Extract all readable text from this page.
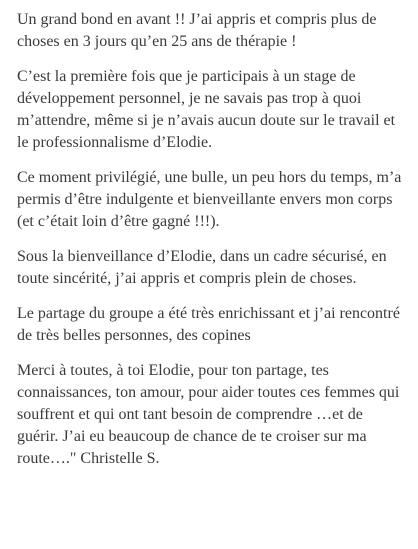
Un grand bond en avant !! J’ai appris et compris plus de choses en 3 jours qu’en 25 ans de thérapie !

C’est la première fois que je participais à un stage de développement personnel, je ne savais pas trop à quoi m’attendre, même si je n’avais aucun doute sur le travail et le professionnalisme d’Elodie.

Ce moment privilégié, une bulle, un peu hors du temps, m’a permis d’être indulgente et bienveillante envers mon corps (et c’était loin d’être gagné !!!).

Sous la bienveillance d’Elodie, dans un cadre sécurisé, en toute sincérité, j’ai appris et compris plein de choses.

Le partage du groupe a été très enrichissant et j’ai rencontré de très belles personnes, des copines

Merci à toutes, à toi Elodie, pour ton partage, tes connaissances, ton amour, pour aider toutes ces femmes qui souffrent et qui ont tant besoin de comprendre …et de guérir. J’ai eu beaucoup de chance de te croiser sur ma route…." Christelle S.
